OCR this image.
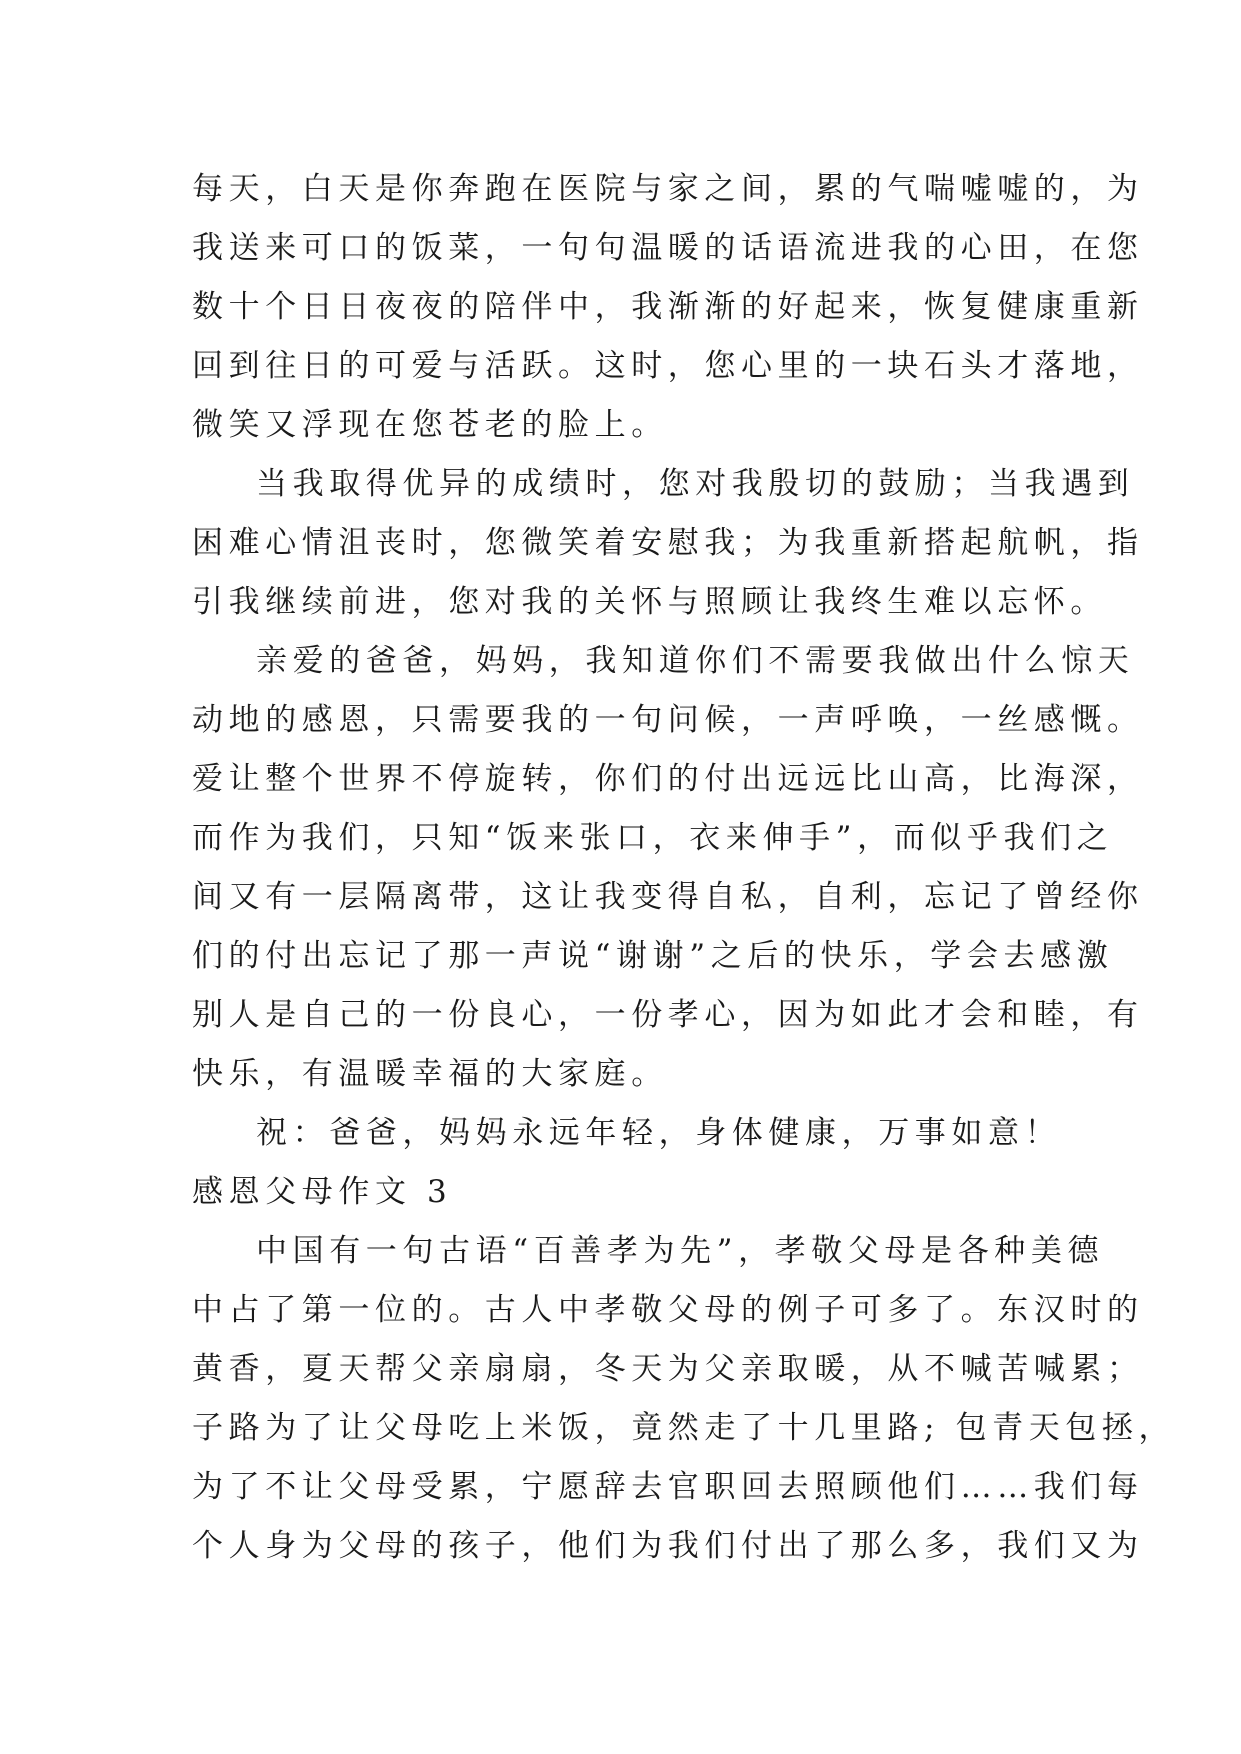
每天，白天是你奔跑在医院与家之间，累的气喘嘘嘘的，为
我送来可口的饭菜，一句句温暖的话语流进我的心田，在您
数十个日日夜夜的陪伴中，我渐渐的好起来，恢复健康重新
回到往日的可爱与活跃。这时，您心里的一块石头才落地，
微笑又浮现在您苍老的脸上。
当我取得优异的成绩时，您对我殷切的鼓励；当我遇到
困难心情沮丧时，您微笑着安慰我；为我重新搭起航帆，指
引我继续前进，您对我的关怀与照顾让我终生难以忘怀。
亲爱的爸爸，妈妈，我知道你们不需要我做出什么惊天
动地的感恩，只需要我的一句问候，一声呼唤，一丝感慨。
爱让整个世界不停旋转，你们的付出远远比山高，比海深，
而作为我们，只知“饭来张口，衣来伸手”，而似乎我们之
间又有一层隔离带，这让我变得自私，自利，忘记了曾经你
们的付出忘记了那一声说“谢谢”之后的快乐，学会去感激
别人是自己的一份良心，一份孝心，因为如此才会和睦，有
快乐，有温暖幸福的大家庭。
祝：爸爸，妈妈永远年轻，身体健康，万事如意！
感恩父母作文 3
中国有一句古语“百善孝为先”，孝敬父母是各种美德
中占了第一位的。古人中孝敬父母的例子可多了。东汉时的
黄香，夏天帮父亲扇扇，冬天为父亲取暖，从不喊苦喊累；
子路为了让父母吃上米饭，竟然走了十几里路; 包青天包拯，
为了不让父母受累，宁愿辞去官职回去照顾他们……我们每
个人身为父母的孩子，他们为我们付出了那么多，我们又为
